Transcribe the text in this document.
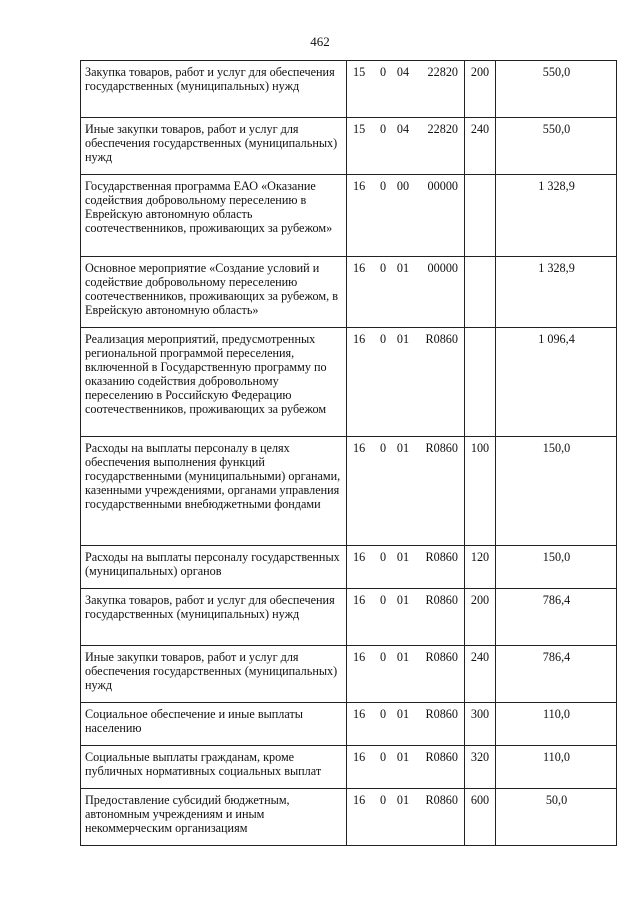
462
Закупка товаров, работ и услуг для обеспечения государственных (муниципальных) нужд	15 0 04 22820	200	550,0
Иные закупки товаров, работ и услуг для обеспечения государственных (муниципальных) нужд	15 0 04 22820	240	550,0
Государственная программа ЕАО «Оказание содействия добровольному переселению в Еврейскую автономную область соотечественников, проживающих за рубежом»	16 0 00 00000		1 328,9
Основное мероприятие «Создание условий и содействие добровольному переселению соотечественников, проживающих за рубежом, в Еврейскую автономную область»	16 0 01 00000		1 328,9
Реализация мероприятий, предусмотренных региональной программой переселения, включенной в Государственную программу по оказанию содействия добровольному переселению в Российскую Федерацию соотечественников, проживающих за рубежом	16 0 01 R0860		1 096,4
Расходы на выплаты персоналу в целях обеспечения выполнения функций государственными (муниципальными) органами, казенными учреждениями, органами управления государственными внебюджетными фондами	16 0 01 R0860	100	150,0
Расходы на выплаты персоналу государственных (муниципальных) органов	16 0 01 R0860	120	150,0
Закупка товаров, работ и услуг для обеспечения государственных (муниципальных) нужд	16 0 01 R0860	200	786,4
Иные закупки товаров, работ и услуг для обеспечения государственных (муниципальных) нужд	16 0 01 R0860	240	786,4
Социальное обеспечение и иные выплаты населению	16 0 01 R0860	300	110,0
Социальные выплаты гражданам, кроме публичных нормативных социальных выплат	16 0 01 R0860	320	110,0
Предоставление субсидий бюджетным, автономным учреждениям и иным некоммерческим организациям	16 0 01 R0860	600	50,0
